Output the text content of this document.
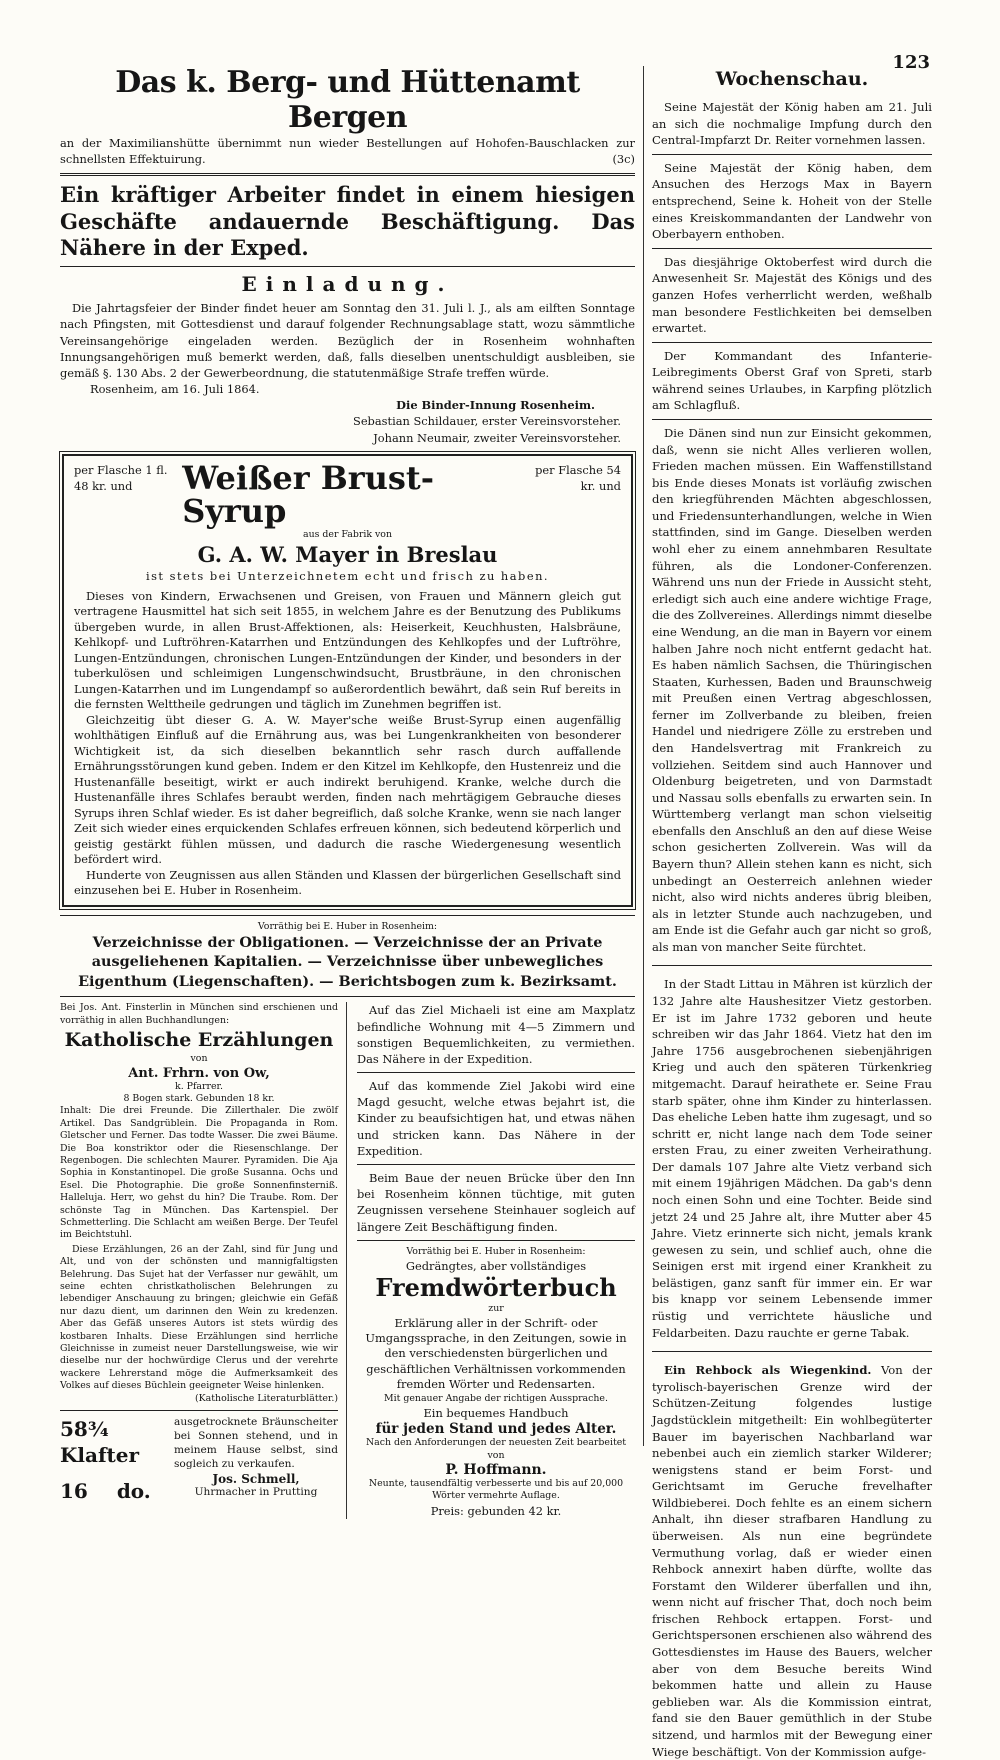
123

Das k. Berg- und Hüttenamt Bergen

an der Maximilianshütte übernimmt nun wieder Bestellungen auf Hohofen-Bauschlacken zur schnellsten Effektuirung.	(3c)

Ein kräftiger Arbeiter findet in einem hiesigen Geschäfte andauernde Beschäftigung. Das Nähere in der Exped.

Einladung.

Die Jahrtagsfeier der Binder findet heuer am Sonntag den 31. Juli l. J., als am eilften Sonntage nach Pfingsten, mit Gottesdienst und darauf folgender Rechnungsablage statt, wozu sämmtliche Vereinsangehörige eingeladen werden. Bezüglich der in Rosenheim wohnhaften Innungsangehörigen muß bemerkt werden, daß, falls dieselben unentschuldigt ausbleiben, sie gemäß §. 130 Abs. 2 der Gewerbeordnung, die statutenmäßige Strafe treffen würde.

Rosenheim, am 16. Juli 1864.

Die Binder-Innung Rosenheim.

Sebastian Schildauer, erster Vereinsvorsteher.

Johann Neumair, zweiter Vereinsvorsteher.

per Flasche 1 fl. 48 kr. und	Weißer Brust-Syrup

per Flasche 54 kr. und

aus der Fabrik von

G. A. W. Mayer in Breslau

ist stets bei Unterzeichnetem echt und frisch zu haben.

Dieses von Kindern, Erwachsenen und Greisen, von Frauen und Männern gleich gut vertragene Hausmittel hat sich seit 1855, in welchem Jahre es der Benutzung des Publikums übergeben wurde, in allen Brust-Affektionen, als: Heiserkeit, Keuchhusten, Halsbräune, Kehlkopf- und Luftröhren-Katarrhen und Entzündungen des Kehlkopfes und der Luftröhre, Lungen-Entzündungen, chronischen Lungen-Entzündungen der Kinder, und besonders in der tuberkulösen und schleimigen Lungenschwindsucht, Brustbräune, in den chronischen Lungen-Katarrhen und im Lungendampf so außerordentlich bewährt, daß sein Ruf bereits in die fernsten Welttheile gedrungen und täglich im Zunehmen begriffen ist.

Gleichzeitig übt dieser G. A. W. Mayer'sche weiße Brust-Syrup einen augenfällig wohlthätigen Einfluß auf die Ernährung aus, was bei Lungenkrankheiten von besonderer Wichtigkeit ist, da sich dieselben bekanntlich sehr rasch durch auffallende Ernährungsstörungen kund geben. Indem er den Kitzel im Kehlkopfe, den Hustenreiz und die Hustenanfälle beseitigt, wirkt er auch indirekt beruhigend. Kranke, welche durch die Hustenanfälle ihres Schlafes beraubt werden, finden nach mehrtägigem Gebrauche dieses Syrups ihren Schlaf wieder. Es ist daher begreiflich, daß solche Kranke, wenn sie nach langer Zeit sich wieder eines erquickenden Schlafes erfreuen können, sich bedeutend körperlich und geistig gestärkt fühlen müssen, und dadurch die rasche Wiedergenesung wesentlich befördert wird.

Hunderte von Zeugnissen aus allen Ständen und Klassen der bürgerlichen Gesellschaft sind einzusehen bei E. Huber in Rosenheim.

Vorräthig bei E. Huber in Rosenheim:

Verzeichnisse der Obligationen. — Verzeichnisse der an Private ausgeliehenen Kapitalien. — Verzeichnisse über unbewegliches Eigenthum (Liegenschaften). — Berichtsbogen zum k. Bezirksamt.

Bei Jos. Ant. Finsterlin in München sind erschienen und vorräthig in allen Buchhandlungen:

Katholische Erzählungen

von

Ant. Frhrn. von Ow,

k. Pfarrer.

8 Bogen stark. Gebunden 18 kr.

Inhalt: Die drei Freunde. Die Zillerthaler. Die zwölf Artikel. Das Sandgrüblein. Die Propaganda in Rom. Gletscher und Ferner. Das todte Wasser. Die zwei Bäume. Die Boa konstriktor oder die Riesenschlange. Der Regenbogen. Die schlechten Maurer. Pyramiden. Die Aja Sophia in Konstantinopel. Die große Susanna. Ochs und Esel. Die Photographie. Die große Sonnenfinsterniß. Halleluja. Herr, wo gehst du hin? Die Traube. Rom. Der schönste Tag in München. Das Kartenspiel. Der Schmetterling. Die Schlacht am weißen Berge. Der Teufel im Beichtstuhl.

Diese Erzählungen, 26 an der Zahl, sind für Jung und Alt, und von der schönsten und mannigfaltigsten Belehrung. Das Sujet hat der Verfasser nur gewählt, um seine echten christkatholischen Belehrungen zu lebendiger Anschauung zu bringen; gleichwie ein Gefäß nur dazu dient, um darinnen den Wein zu kredenzen. Aber das Gefäß unseres Autors ist stets würdig des kostbaren Inhalts. Diese Erzählungen sind herrliche Gleichnisse in zumeist neuer Darstellungsweise, wie wir dieselbe nur der hochwürdige Clerus und der verehrte wackere Lehrerstand möge die Aufmerksamkeit des Volkes auf dieses Büchlein geeigneter Weise hinlenken.

(Katholische Literaturblätter.)

58¾ Klafter

16 do.

ausgetrocknete Bräunscheiter bei Sonnen stehend, und in meinem Hause selbst, sind sogleich zu verkaufen.

Jos. Schmell,

Uhrmacher in Prutting

Auf das Ziel Michaeli ist eine am Maxplatz befindliche Wohnung mit 4—5 Zimmern und sonstigen Bequemlichkeiten, zu vermiethen. Das Nähere in der Expedition.

Auf das kommende Ziel Jakobi wird eine Magd gesucht, welche etwas bejahrt ist, die Kinder zu beaufsichtigen hat, und etwas nähen und stricken kann. Das Nähere in der Expedition.

Beim Baue der neuen Brücke über den Inn bei Rosenheim können tüchtige, mit guten Zeugnissen versehene Steinhauer sogleich auf längere Zeit Beschäftigung finden.

Vorräthig bei E. Huber in Rosenheim:

Gedrängtes, aber vollständiges

Fremdwörterbuch

zur

Erklärung aller in der Schrift- oder Umgangssprache, in den Zeitungen, sowie in den verschiedensten bürgerlichen und geschäftlichen Verhältnissen vorkommenden fremden Wörter und Redensarten.

Mit genauer Angabe der richtigen Aussprache.

Ein bequemes Handbuch

für jeden Stand und jedes Alter.

Nach den Anforderungen der neuesten Zeit bearbeitet

von

P. Hoffmann.

Neunte, tausendfältig verbesserte und bis auf 20,000 Wörter vermehrte Auflage.

Preis: gebunden 42 kr.

Wochenschau.

Seine Majestät der König haben am 21. Juli an sich die nochmalige Impfung durch den Central-Impfarzt Dr. Reiter vornehmen lassen.

Seine Majestät der König haben, dem Ansuchen des Herzogs Max in Bayern entsprechend, Seine k. Hoheit von der Stelle eines Kreiskommandanten der Landwehr von Oberbayern enthoben.

Das diesjährige Oktoberfest wird durch die Anwesenheit Sr. Majestät des Königs und des ganzen Hofes verherrlicht werden, weßhalb man besondere Festlichkeiten bei demselben erwartet.

Der Kommandant des Infanterie-Leibregiments Oberst Graf von Spreti, starb während seines Urlaubes, in Karpfing plötzlich am Schlagfluß.

Die Dänen sind nun zur Einsicht gekommen, daß, wenn sie nicht Alles verlieren wollen, Frieden machen müssen. Ein Waffenstillstand bis Ende dieses Monats ist vorläufig zwischen den kriegführenden Mächten abgeschlossen, und Friedensunterhandlungen, welche in Wien stattfinden, sind im Gange. Dieselben werden wohl eher zu einem annehmbaren Resultate führen, als die Londoner-Conferenzen. Während uns nun der Friede in Aussicht steht, erledigt sich auch eine andere wichtige Frage, die des Zollvereines. Allerdings nimmt dieselbe eine Wendung, an die man in Bayern vor einem halben Jahre noch nicht entfernt gedacht hat. Es haben nämlich Sachsen, die Thüringischen Staaten, Kurhessen, Baden und Braunschweig mit Preußen einen Vertrag abgeschlossen, ferner im Zollverbande zu bleiben, freien Handel und niedrigere Zölle zu erstreben und den Handelsvertrag mit Frankreich zu vollziehen. Seitdem sind auch Hannover und Oldenburg beigetreten, und von Darmstadt und Nassau solls ebenfalls zu erwarten sein. In Württemberg verlangt man schon vielseitig ebenfalls den Anschluß an den auf diese Weise schon gesicherten Zollverein. Was will da Bayern thun? Allein stehen kann es nicht, sich unbedingt an Oesterreich anlehnen wieder nicht, also wird nichts anderes übrig bleiben, als in letzter Stunde auch nachzugeben, und am Ende ist die Gefahr auch gar nicht so groß, als man von mancher Seite fürchtet.

In der Stadt Littau in Mähren ist kürzlich der 132 Jahre alte Haushesitzer Vietz gestorben. Er ist im Jahre 1732 geboren und heute schreiben wir das Jahr 1864. Vietz hat den im Jahre 1756 ausgebrochenen siebenjährigen Krieg und auch den späteren Türkenkrieg mitgemacht. Darauf heirathete er. Seine Frau starb später, ohne ihm Kinder zu hinterlassen. Das eheliche Leben hatte ihm zugesagt, und so schritt er, nicht lange nach dem Tode seiner ersten Frau, zu einer zweiten Verheirathung. Der damals 107 Jahre alte Vietz verband sich mit einem 19jährigen Mädchen. Da gab's denn noch einen Sohn und eine Tochter. Beide sind jetzt 24 und 25 Jahre alt, ihre Mutter aber 45 Jahre. Vietz erinnerte sich nicht, jemals krank gewesen zu sein, und schlief auch, ohne die Seinigen erst mit irgend einer Krankheit zu belästigen, ganz sanft für immer ein. Er war bis knapp vor seinem Lebensende immer rüstig und verrichtete häusliche und Feldarbeiten. Dazu rauchte er gerne Tabak.

Ein Rehbock als Wiegenkind. Von der tyrolisch-bayerischen Grenze wird der Schützen-Zeitung folgendes lustige Jagdstücklein mitgetheilt: Ein wohlbegüterter Bauer im bayerischen Nachbarland war nebenbei auch ein ziemlich starker Wilderer; wenigstens stand er beim Forst- und Gerichtsamt im Geruche frevelhafter Wildbieberei. Doch fehlte es an einem sichern Anhalt, ihn dieser strafbaren Handlung zu überweisen. Als nun eine begründete Vermuthung vorlag, daß er wieder einen Rehbock annexirt haben dürfte, wollte das Forstamt den Wilderer überfallen und ihn, wenn nicht auf frischer That, doch noch beim frischen Rehbock ertappen. Forst- und Gerichtspersonen erschienen also während des Gottesdienstes im Hause des Bauers, welcher aber von dem Besuche bereits Wind bekommen hatte und allein zu Hause geblieben war. Als die Kommission eintrat, fand sie den Bauer gemüthlich in der Stube sitzend, und harmlos mit der Bewegung einer Wiege beschäftigt. Von der Kommission aufge-
